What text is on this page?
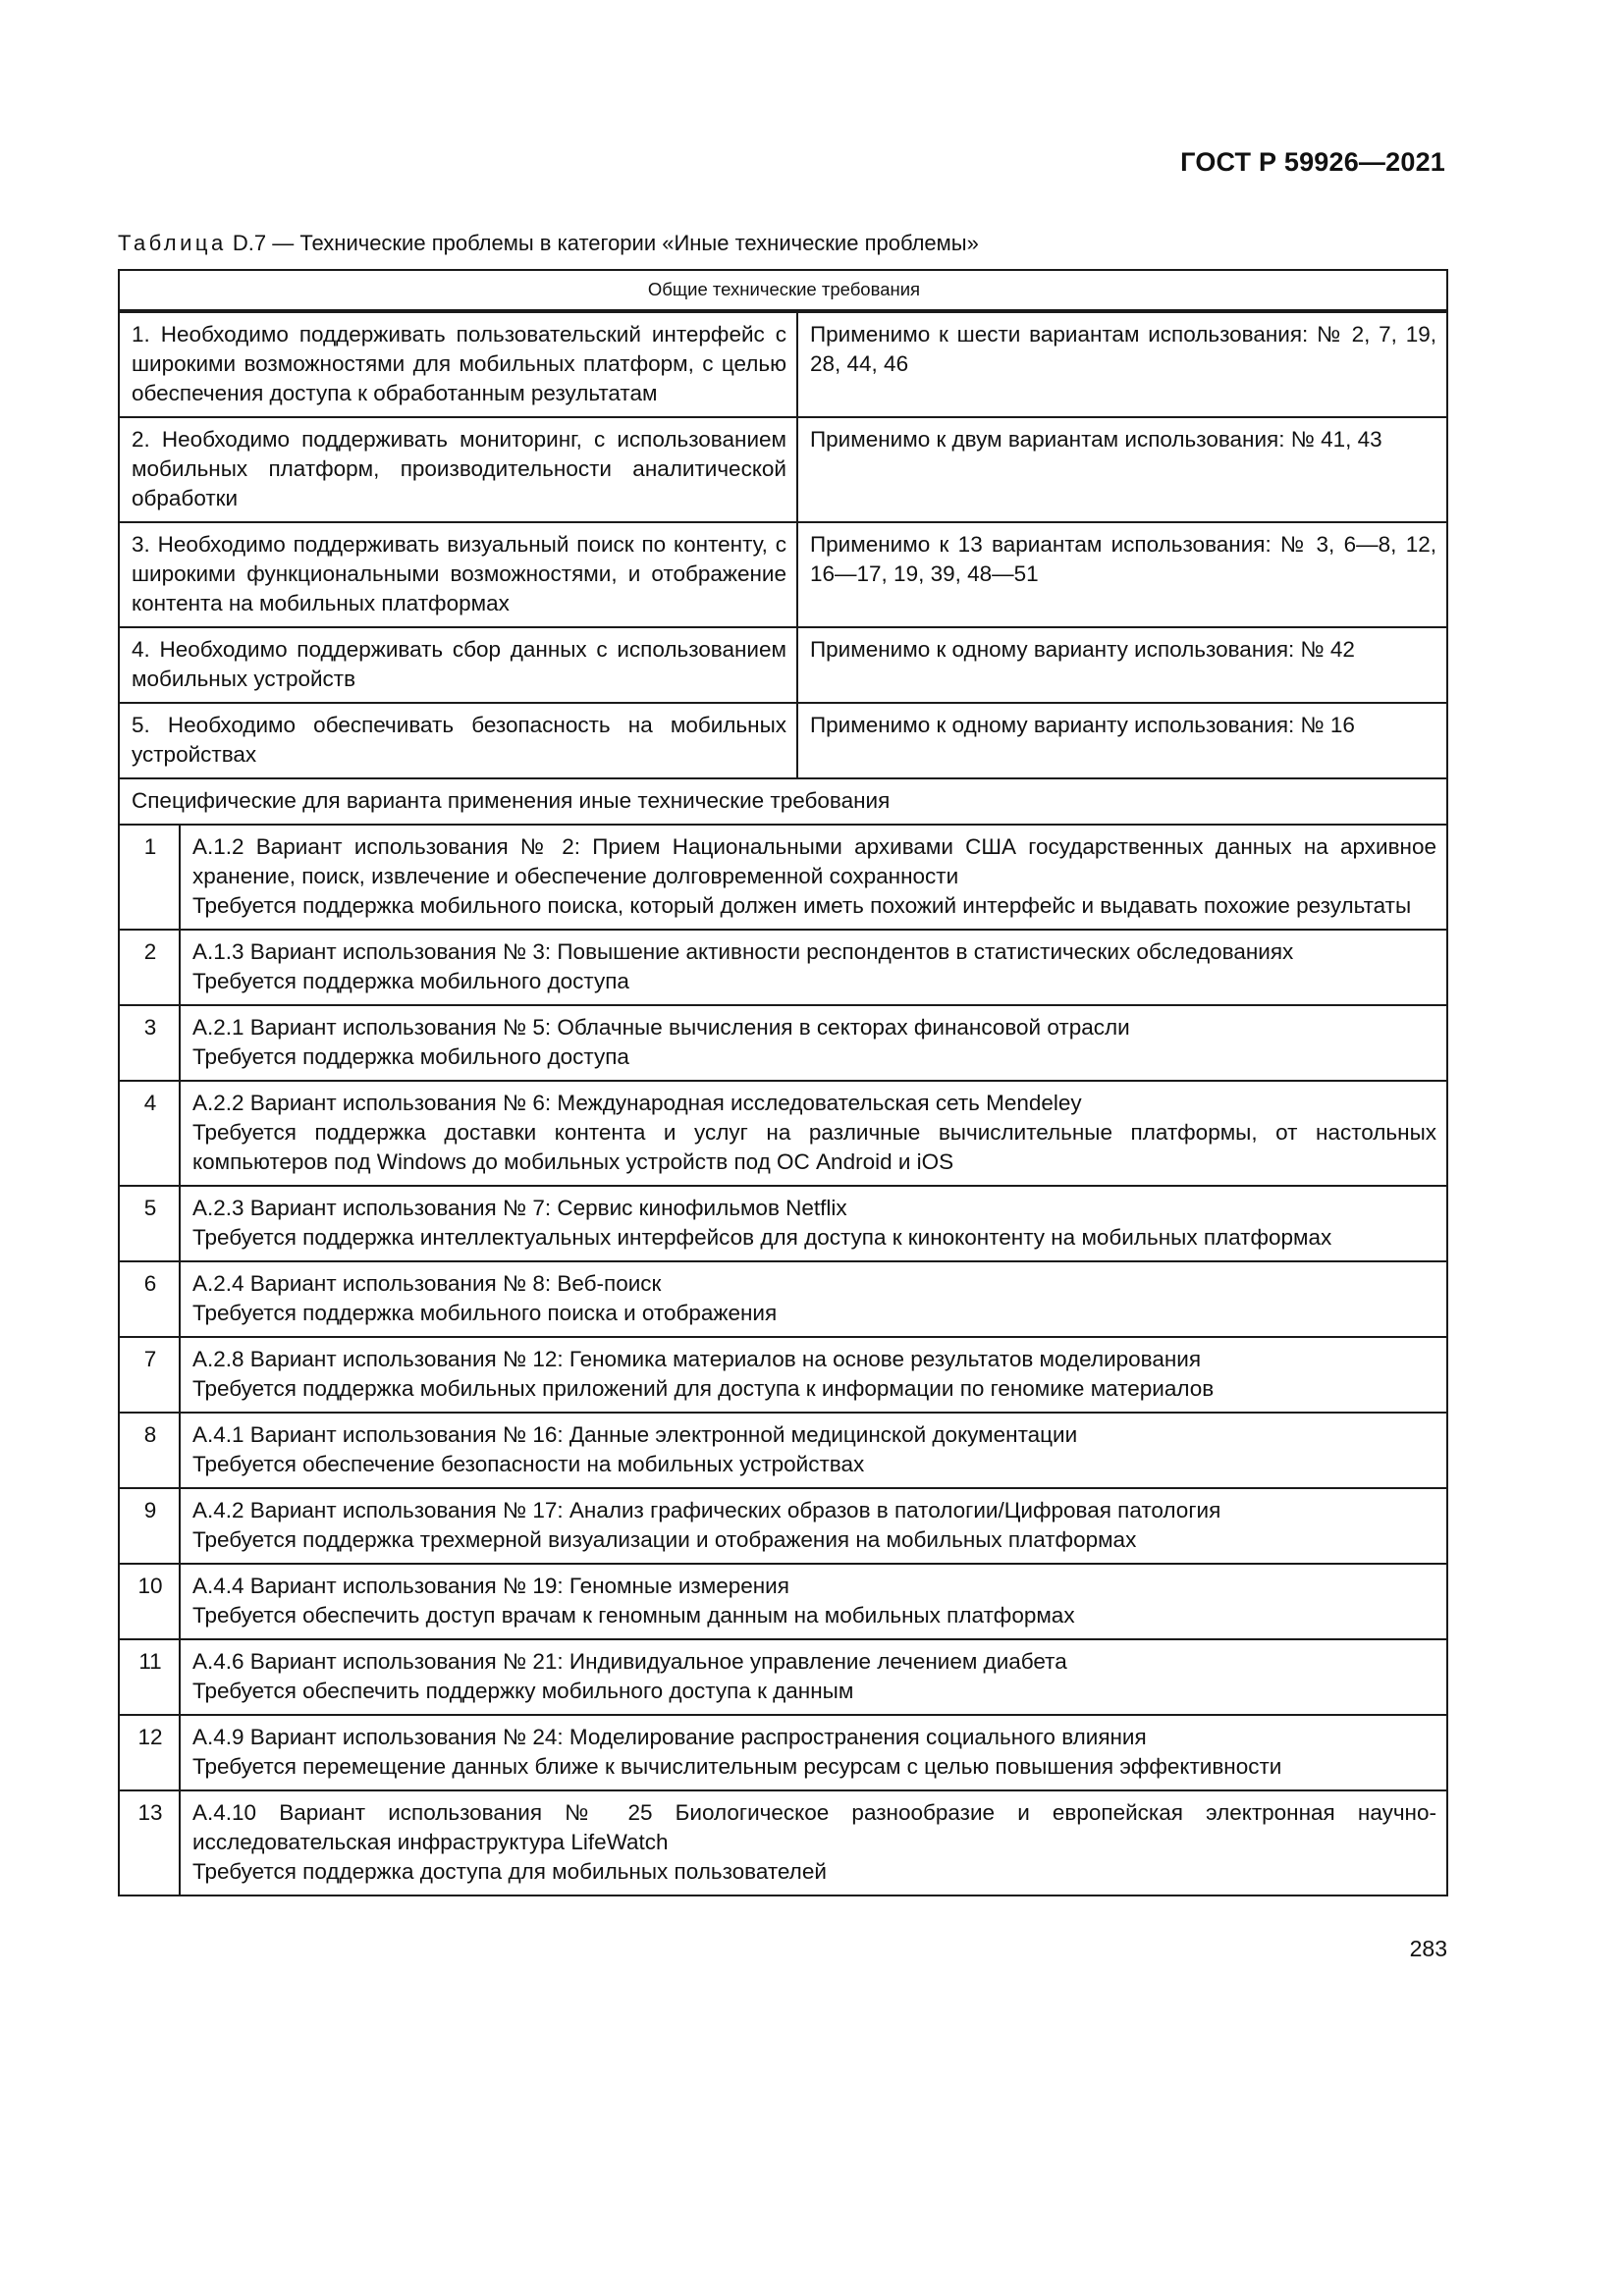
ГОСТ Р 59926—2021
Таблица D.7 — Технические проблемы в категории «Иные технические проблемы»
Общие технические требования		
1. Необходимо поддерживать пользовательский интерфейс с широкими возможностями для мобильных платформ, с целью обеспечения доступа к обработанным результатам		Применимо к шести вариантам использования: № 2, 7, 19, 28, 44, 46
2. Необходимо поддерживать мониторинг, с использованием мобильных платформ, производительности аналитической обработки		Применимо к двум вариантам использования: № 41, 43
3. Необходимо поддерживать визуальный поиск по контенту, с широкими функциональными возможностями, и отображение контента на мобильных платформах		Применимо к 13 вариантам использования: № 3, 6—8, 12, 16—17, 19, 39, 48—51
4. Необходимо поддерживать сбор данных с использованием мобильных устройств		Применимо к одному варианту использования: № 42
5. Необходимо обеспечивать безопасность на мобильных устройствах		Применимо к одному варианту использования: № 16
Специфические для варианта применения иные технические требования		
1	А.1.2 Вариант использования № 2: Прием Национальными архивами США государственных данных на архивное хранение, поиск, извлечение и обеспечение долговременной сохранности
Требуется поддержка мобильного поиска, который должен иметь похожий интерфейс и выдавать похожие результаты	

2	А.1.3 Вариант использования № 3: Повышение активности респондентов в статистических обследованиях
Требуется поддержка мобильного доступа	

3	А.2.1 Вариант использования № 5: Облачные вычисления в секторах финансовой отрасли
Требуется поддержка мобильного доступа	

4	А.2.2 Вариант использования № 6: Международная исследовательская сеть Mendeley
Требуется поддержка доставки контента и услуг на различные вычислительные платформы, от настольных компьютеров под Windows до мобильных устройств под ОС Android и iOS	

5	А.2.3 Вариант использования № 7: Сервис кинофильмов Netflix
Требуется поддержка интеллектуальных интерфейсов для доступа к киноконтенту на мобильных платформах	

6	А.2.4 Вариант использования № 8: Веб-поиск
Требуется поддержка мобильного поиска и отображения	

7	А.2.8 Вариант использования № 12: Геномика материалов на основе результатов моделирования
Требуется поддержка мобильных приложений для доступа к информации по геномике материалов	

8	А.4.1 Вариант использования № 16: Данные электронной медицинской документации
Требуется обеспечение безопасности на мобильных устройствах	

9	А.4.2 Вариант использования № 17: Анализ графических образов в патологии/Цифровая патология
Требуется поддержка трехмерной визуализации и отображения на мобильных платформах	

10	А.4.4 Вариант использования № 19: Геномные измерения
Требуется обеспечить доступ врачам к геномным данным на мобильных платформах	

11	А.4.6 Вариант использования № 21: Индивидуальное управление лечением диабета
Требуется обеспечить поддержку мобильного доступа к данным	

12	А.4.9 Вариант использования № 24: Моделирование распространения социального влияния
Требуется перемещение данных ближе к вычислительным ресурсам с целью повышения эффективности	

13	А.4.10 Вариант использования № 25 Биологическое разнообразие и европейская электронная научно-исследовательская инфраструктура LifeWatch
Требуется поддержка доступа для мобильных пользователей	
283
